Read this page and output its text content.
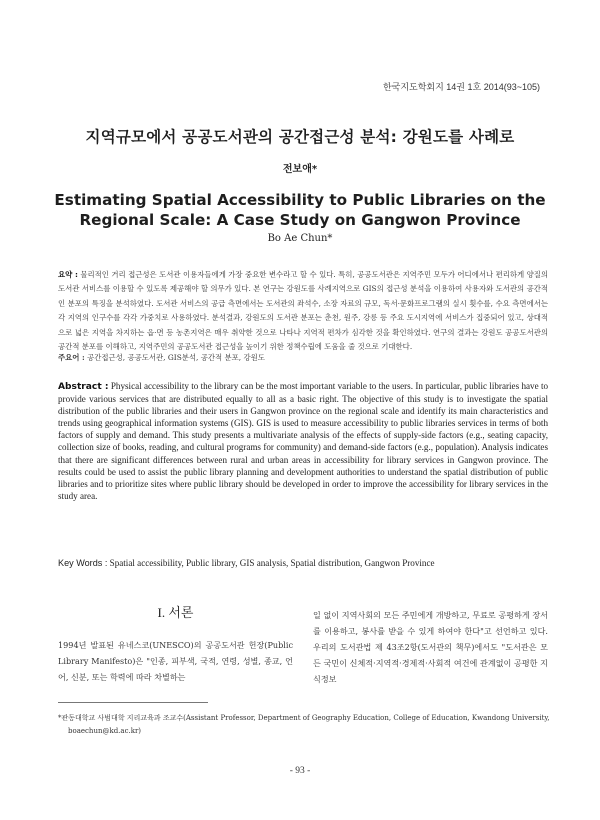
한국지도학회지 14권 1호 2014(93~105)
지역규모에서 공공도서관의 공간접근성 분석: 강원도를 사례로
전보애*
Estimating Spatial Accessibility to Public Libraries on the Regional Scale: A Case Study on Gangwon Province
Bo Ae Chun*
요약 : 물리적인 거리 접근성은 도서관 이용자들에게 가장 중요한 변수라고 할 수 있다. 특히, 공공도서관은 지역주민 모두가 어디에서나 편리하게 양질의 도서관 서비스를 이용할 수 있도록 제공해야 할 의무가 있다. 본 연구는 강원도를 사례지역으로 GIS의 접근성 분석을 이용하여 사용자와 도서관의 공간적인 분포의 특징을 분석하였다. 도서관 서비스의 공급 측면에서는 도서관의 좌석수, 소장 자료의 규모, 독서·문화프로그램의 실시 횟수를, 수요 측면에서는 각 지역의 인구수를 각각 가중치로 사용하였다. 분석결과, 강원도의 도서관 분포는 춘천, 원주, 강릉 등 주요 도시지역에 서비스가 집중되어 있고, 상대적으로 넓은 지역을 차지하는 읍·면 등 농촌지역은 매우 취약한 것으로 나타나 지역적 편차가 심각한 것을 확인하였다. 연구의 결과는 강원도 공공도서관의 공간적 분포를 이해하고, 지역주민의 공공도서관 접근성을 높이기 위한 정책수립에 도움을 줄 것으로 기대한다.
주요어 : 공간접근성, 공공도서관, GIS분석, 공간적 분포, 강원도
Abstract : Physical accessibility to the library can be the most important variable to the users. In particular, public libraries have to provide various services that are distributed equally to all as a basic right. The objective of this study is to investigate the spatial distribution of the public libraries and their users in Gangwon province on the regional scale and identify its main characteristics and trends using geographical information systems (GIS). GIS is used to measure accessibility to public libraries services in terms of both factors of supply and demand. This study presents a multivariate analysis of the effects of supply-side factors (e.g., seating capacity, collection size of books, reading, and cultural programs for community) and demand-side factors (e.g., population). Analysis indicates that there are significant differences between rural and urban areas in accessibility for library services in Gangwon province. The results could be used to assist the public library planning and development authorities to understand the spatial distribution of public libraries and to prioritize sites where public library should be developed in order to improve the accessibility for library services in the study area.
Key Words : Spatial accessibility, Public library, GIS analysis, Spatial distribution, Gangwon Province
I. 서론
1994년 발표된 유네스코(UNESCO)의 공공도서관 헌장(Public Library Manifesto)은 "인종, 피부색, 국적, 연령, 성별, 종교, 언어, 신분, 또는 학력에 따라 차별하는
일 없이 지역사회의 모든 주민에게 개방하고, 무료로 공평하게 장서를 이용하고, 봉사를 받을 수 있게 하여야 한다"고 선언하고 있다. 우리의 도서관법 제 43조2항(도서관의 책무)에서도 "도서관은 모든 국민이 신체적·지역적·경제적·사회적 여건에 관계없이 공평한 지식정보
*관동대학교 사범대학 지리교육과 조교수(Assistant Professor, Department of Geography Education, College of Education, Kwandong University, boaechun@kd.ac.kr)
- 93 -
